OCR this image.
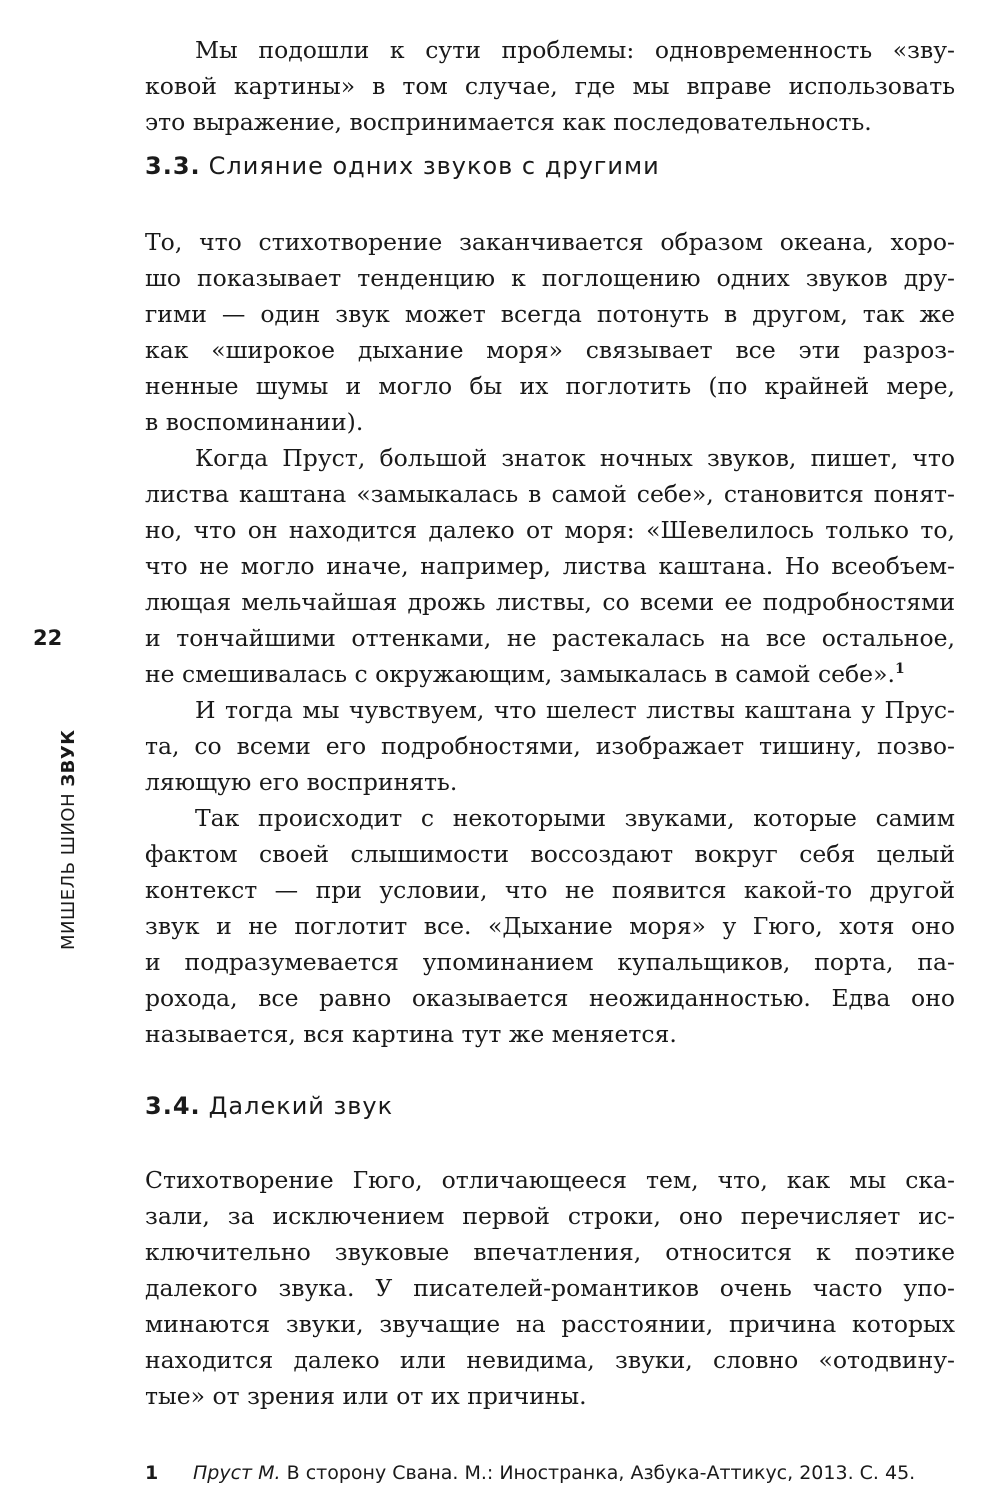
22
МИШЕЛЬ ШИОН ЗВУК
Мы подошли к сути проблемы: одновременность «зву-
ковой картины» в том случае, где мы вправе использовать
это выражение, воспринимается как последовательность.
3.3. Слияние одних звуков с другими
То, что стихотворение заканчивается образом океана, хоро-
шо показывает тенденцию к поглощению одних звуков дру-
гими — один звук может всегда потонуть в другом, так же
как «широкое дыхание моря» связывает все эти разроз-
ненные шумы и могло бы их поглотить (по крайней мере,
в воспоминании).
Когда Пруст, большой знаток ночных звуков, пишет, что
листва каштана «замыкалась в самой себе», становится понят-
но, что он находится далеко от моря: «Шевелилось только то,
что не могло иначе, например, листва каштана. Но всеобъем-
лющая мельчайшая дрожь листвы, со всеми ее подробностями
и тончайшими оттенками, не растекалась на все остальное,
не смешивалась с окружающим, замыкалась в самой себе».$^1$
И тогда мы чувствуем, что шелест листвы каштана у Прус-
та, со всеми его подробностями, изображает тишину, позво-
ляющую его воспринять.
Так происходит с некоторыми звуками, которые самим
фактом своей слышимости воссоздают вокруг себя целый
контекст — при условии, что не появится какой-то другой
звук и не поглотит все. «Дыхание моря» у Гюго, хотя оно
и подразумевается упоминанием купальщиков, порта, па-
рохода, все равно оказывается неожиданностью. Едва оно
называется, вся картина тут же меняется.
3.4. Далекий звук
Стихотворение Гюго, отличающееся тем, что, как мы ска-
зали, за исключением первой строки, оно перечисляет ис-
ключительно звуковые впечатления, относится к поэтике
далекого звука. У писателей-романтиков очень часто упо-
минаются звуки, звучащие на расстоянии, причина которых
находится далеко или невидима, звуки, словно «отодвину-
тые» от зрения или от их причины.
1 Пруст М. В сторону Свана. М.: Иностранка, Азбука-Аттикус, 2013. С. 45.
